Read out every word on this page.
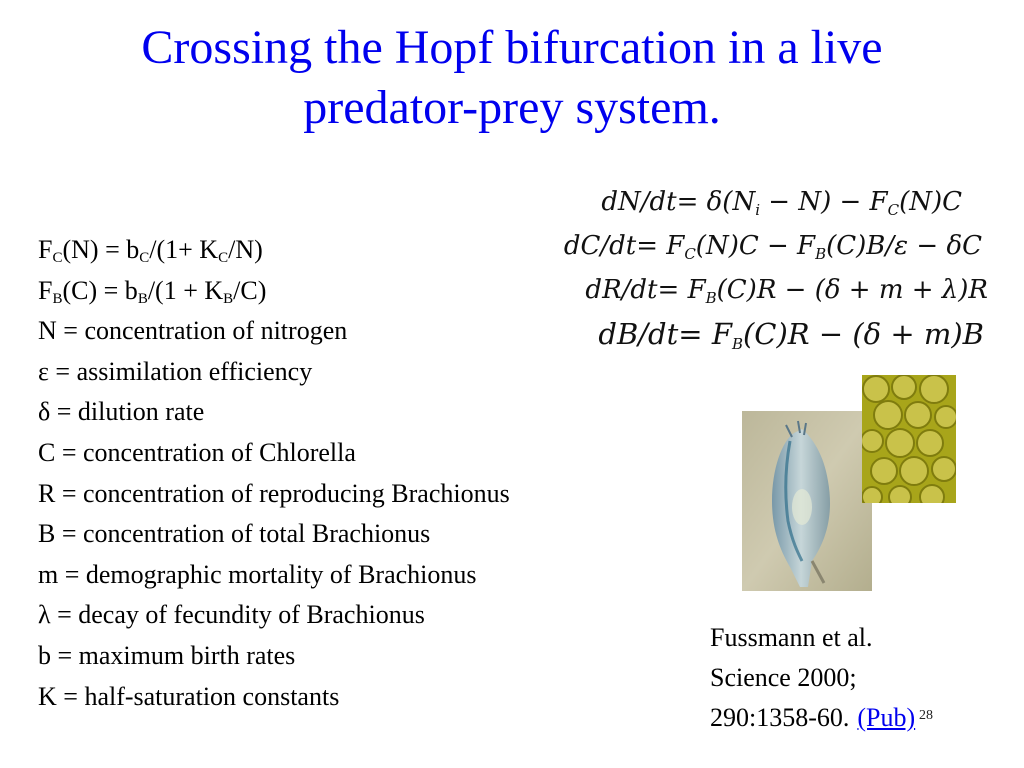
Crossing the Hopf bifurcation in a live
predator-prey system.
$dN/dt= \delta(N_i - N) - F_C(N)C$
$dC/dt= F_C(N)C - F_B(C)B/\varepsilon - \delta C$
$dR/dt= F_B(C)R - (\delta + m + \lambda)R$
$dB/dt= F_B(C)R - (\delta + m)B$
$F_C(N) = b_C/(1+ K_C/N)$
$F_B(C) = b_B/(1 + K_B/C)$
N = concentration of nitrogen
ε = assimilation efficiency
δ = dilution rate
C = concentration of Chlorella
R = concentration of reproducing Brachionus
B = concentration of total Brachionus
m = demographic mortality of Brachionus
λ = decay of fecundity of Brachionus
b = maximum birth rates
K = half-saturation constants
Fussmann et al.
Science 2000;
290:1358-60. (Pub) 28
